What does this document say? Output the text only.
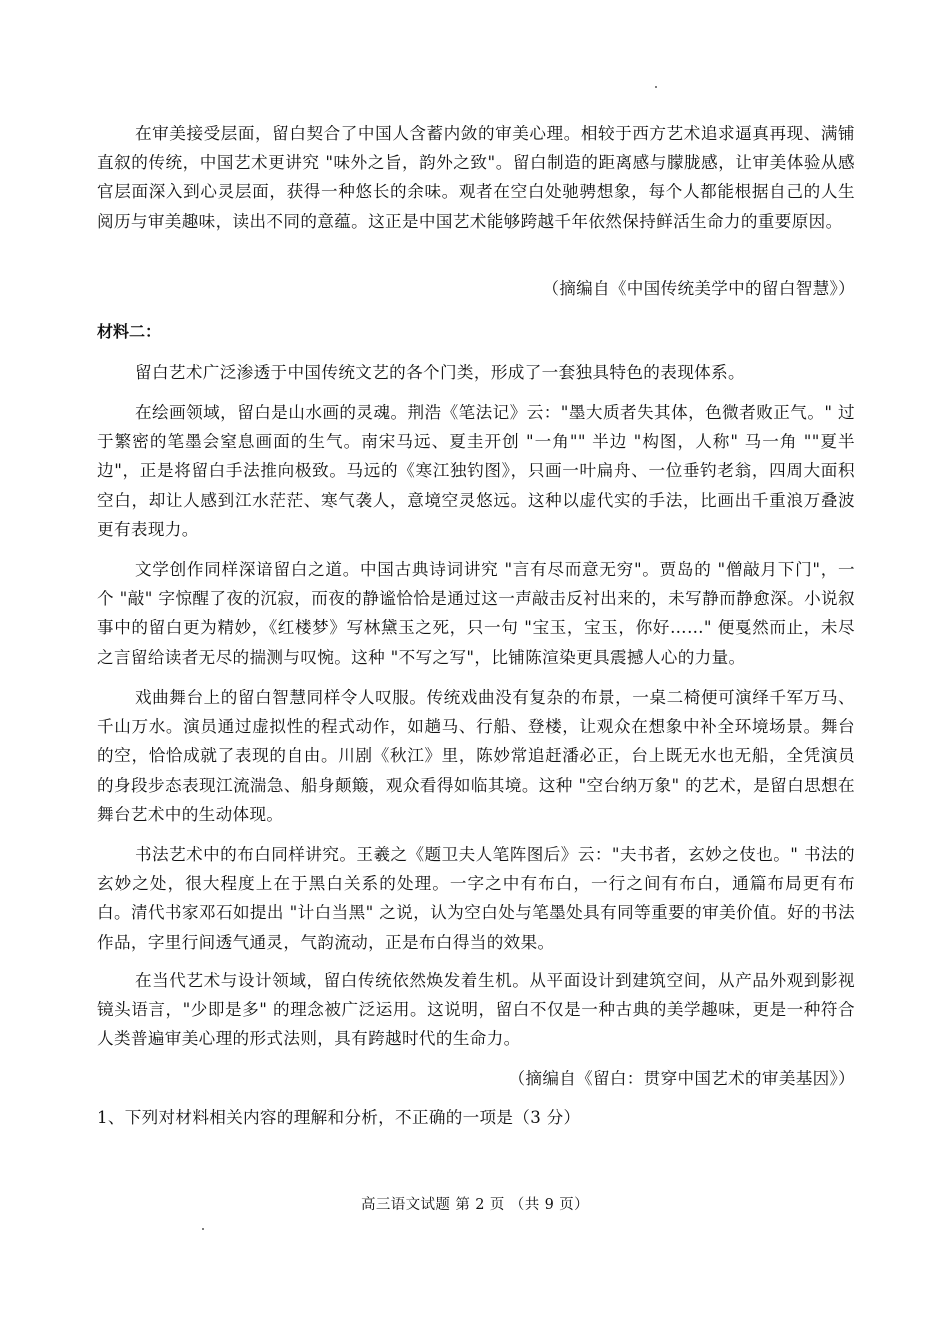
在审美接受层面，留白契合了中国人含蓄内敛的审美心理。相较于西方艺术追求逼真再现、满铺直叙的传统，中国艺术更讲究 "味外之旨，韵外之致"。留白制造的距离感与朦胧感，让审美体验从感官层面深入到心灵层面，获得一种悠长的余味。观者在空白处驰骋想象，每个人都能根据自己的人生阅历与审美趣味，读出不同的意蕴。这正是中国艺术能够跨越千年依然保持鲜活生命力的重要原因。

（摘编自《中国传统美学中的留白智慧》）

材料二：

留白艺术广泛渗透于中国传统文艺的各个门类，形成了一套独具特色的表现体系。

在绘画领域，留白是山水画的灵魂。荆浩《笔法记》云："墨大质者失其体，色微者败正气。" 过于繁密的笔墨会窒息画面的生气。南宋马远、夏圭开创 "一角"" 半边 "构图，人称" 马一角 ""夏半边"，正是将留白手法推向极致。马远的《寒江独钓图》，只画一叶扁舟、一位垂钓老翁，四周大面积空白，却让人感到江水茫茫、寒气袭人，意境空灵悠远。这种以虚代实的手法，比画出千重浪万叠波更有表现力。

文学创作同样深谙留白之道。中国古典诗词讲究 "言有尽而意无穷"。贾岛的 "僧敲月下门"，一个 "敲" 字惊醒了夜的沉寂，而夜的静谧恰恰是通过这一声敲击反衬出来的，未写静而静愈深。小说叙事中的留白更为精妙，《红楼梦》写林黛玉之死，只一句 "宝玉，宝玉，你好……" 便戛然而止，未尽之言留给读者无尽的揣测与叹惋。这种 "不写之写"，比铺陈渲染更具震撼人心的力量。

戏曲舞台上的留白智慧同样令人叹服。传统戏曲没有复杂的布景，一桌二椅便可演绎千军万马、千山万水。演员通过虚拟性的程式动作，如趟马、行船、登楼，让观众在想象中补全环境场景。舞台的空，恰恰成就了表现的自由。川剧《秋江》里，陈妙常追赶潘必正，台上既无水也无船，全凭演员的身段步态表现江流湍急、船身颠簸，观众看得如临其境。这种 "空台纳万象" 的艺术，是留白思想在舞台艺术中的生动体现。

书法艺术中的布白同样讲究。王羲之《题卫夫人笔阵图后》云："夫书者，玄妙之伎也。" 书法的玄妙之处，很大程度上在于黑白关系的处理。一字之中有布白，一行之间有布白，通篇布局更有布白。清代书家邓石如提出 "计白当黑" 之说，认为空白处与笔墨处具有同等重要的审美价值。好的书法作品，字里行间透气通灵，气韵流动，正是布白得当的效果。

在当代艺术与设计领域，留白传统依然焕发着生机。从平面设计到建筑空间，从产品外观到影视镜头语言，"少即是多" 的理念被广泛运用。这说明，留白不仅是一种古典的美学趣味，更是一种符合人类普遍审美心理的形式法则，具有跨越时代的生命力。

（摘编自《留白：贯穿中国艺术的审美基因》）

1、下列对材料相关内容的理解和分析，不正确的一项是（3 分）

高三语文试题 第 2 页 （共 9 页）
